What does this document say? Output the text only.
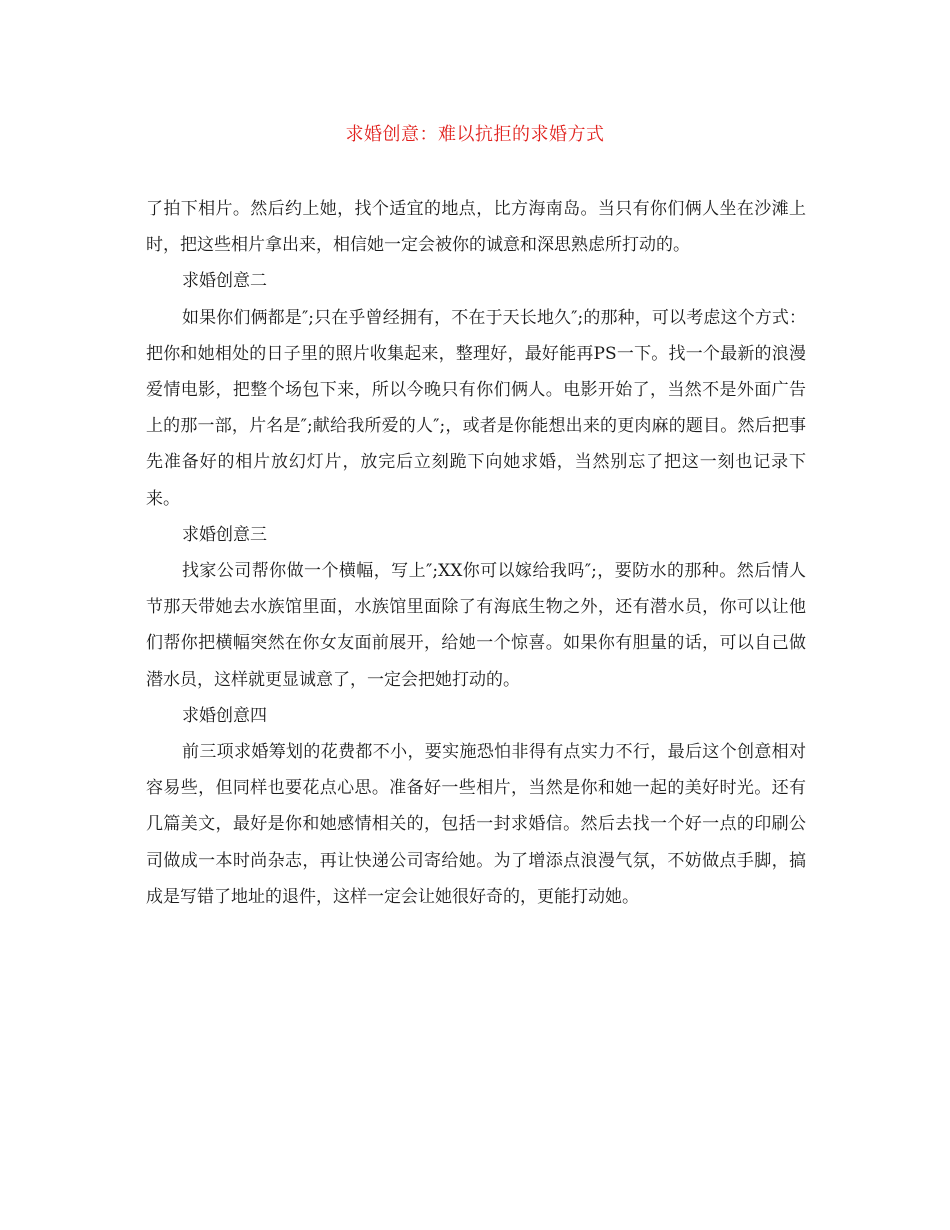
求婚创意：难以抗拒的求婚方式

了拍下相片。然后约上她，找个适宜的地点，比方海南岛。当只有你们俩人坐在沙滩上时，把这些相片拿出来，相信她一定会被你的诚意和深思熟虑所打动的。

求婚创意二

如果你们俩都是″;只在乎曾经拥有，不在于天长地久″;的那种，可以考虑这个方式：把你和她相处的日子里的照片收集起来，整理好，最好能再PS一下。找一个最新的浪漫爱情电影，把整个场包下来，所以今晚只有你们俩人。电影开始了，当然不是外面广告上的那一部，片名是″;献给我所爱的人″;，或者是你能想出来的更肉麻的题目。然后把事先准备好的相片放幻灯片，放完后立刻跪下向她求婚，当然别忘了把这一刻也记录下来。

求婚创意三

找家公司帮你做一个横幅，写上″;XX你可以嫁给我吗″;，要防水的那种。然后情人节那天带她去水族馆里面，水族馆里面除了有海底生物之外，还有潜水员，你可以让他们帮你把横幅突然在你女友面前展开，给她一个惊喜。如果你有胆量的话，可以自己做潜水员，这样就更显诚意了，一定会把她打动的。

求婚创意四

前三项求婚筹划的花费都不小，要实施恐怕非得有点实力不行，最后这个创意相对容易些，但同样也要花点心思。准备好一些相片，当然是你和她一起的美好时光。还有几篇美文，最好是你和她感情相关的，包括一封求婚信。然后去找一个好一点的印刷公司做成一本时尚杂志，再让快递公司寄给她。为了增添点浪漫气氛，不妨做点手脚，搞成是写错了地址的退件，这样一定会让她很好奇的，更能打动她。
